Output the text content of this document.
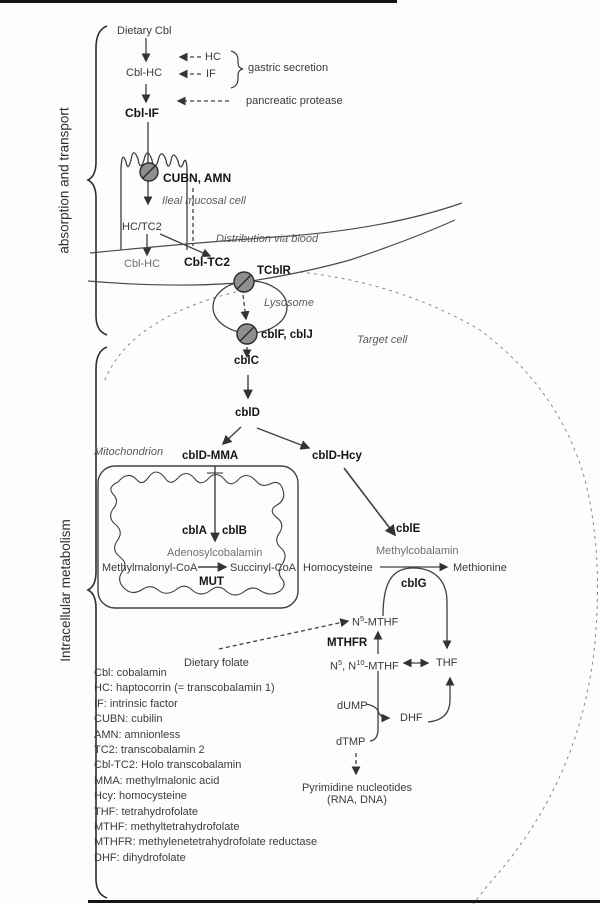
absorption and transport
Intracellular metabolism
Dietary Cbl
Cbl-HC
HC
IF	gastric secretion
pancreatic protease
Cbl-IF
CUBN, AMN
Ileal mucosal cell
HC/TC2
Distribution via blood
Cbl-HC Cbl-TC2
TCblR
Lysosome
cblF, cblJ	Target cell
cblC
cblD
cblD-MMA	cblD-Hcy
Mitochondrion
cblA cblB
Adenosylcobalamin
Methylmalonyl-CoA	Succinyl-CoA
MUT
cblE
Methylcobalamin
Homocysteine	Methionine
cblG
Dietary folate
$N^5$-MTHF
MTHFR
$N^5$, $N^{10}$-MTHF	THF
dUMP
DHF
dTMP
Pyrimidine nucleotides
(RNA, DNA)
Cbl: cobalamin
HC: haptocorrin (= transcobalamin 1)
IF: intrinsic factor
CUBN: cubilin
AMN: amnionless
TC2: transcobalamin 2
Cbl-TC2: Holo transcobalamin
MMA: methylmalonic acid
Hcy: homocysteine
THF: tetrahydrofolate
MTHF: methyltetrahydrofolate
MTHFR: methylenetetrahydrofolate reductase
DHF: dihydrofolate
